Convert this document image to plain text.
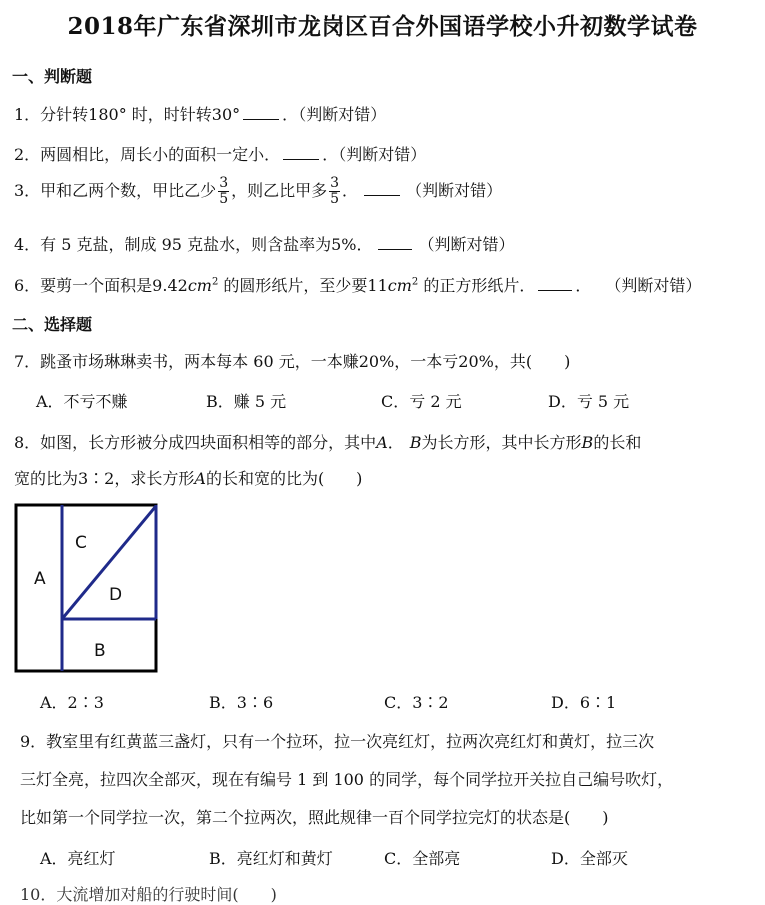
2018年广东省深圳市龙岗区百合外国语学校小升初数学试卷
一、判断题
1．分针转180° 时，时针转30°	．（判断对错）
2．两圆相比，周长小的面积一定小．	．（判断对错）
3．甲和乙两个数，甲比乙少 $\frac{3}{5}$ ，则乙比甲多 $\frac{3}{5}$ ．	（判断对错）
4．有 5 克盐，制成 95 克盐水，则含盐率为5%．	（判断对错）
6．要剪一个面积是$9.42cm^2$ 的圆形纸片，至少要$11cm^2$ 的正方形纸片．	． （判断对错）
二、选择题
7．跳蚤市场琳琳卖书，两本每本 60 元，一本赚20%，一本亏20%，共(　　)
A．不亏不赚	B．赚 5 元	C．亏 2 元	D．亏 5 元
8．如图，长方形被分成四块面积相等的部分，其中A． B为长方形，其中长方形B的长和
宽的比为3∶2，求长方形A的长和宽的比为(　　)
A
C
D
B
A．2∶3	B．3∶6	C．3∶2	D．6∶1
9．教室里有红黄蓝三盏灯，只有一个拉环，拉一次亮红灯，拉两次亮红灯和黄灯，拉三次
三灯全亮，拉四次全部灭，现在有编号 1 到 100 的同学，每个同学拉开关拉自己编号吹灯，
比如第一个同学拉一次，第二个拉两次，照此规律一百个同学拉完灯的状态是(　　)
A．亮红灯	B．亮红灯和黄灯	C．全部亮	D．全部灭
10．大流增加对船的行驶时间(　　)
